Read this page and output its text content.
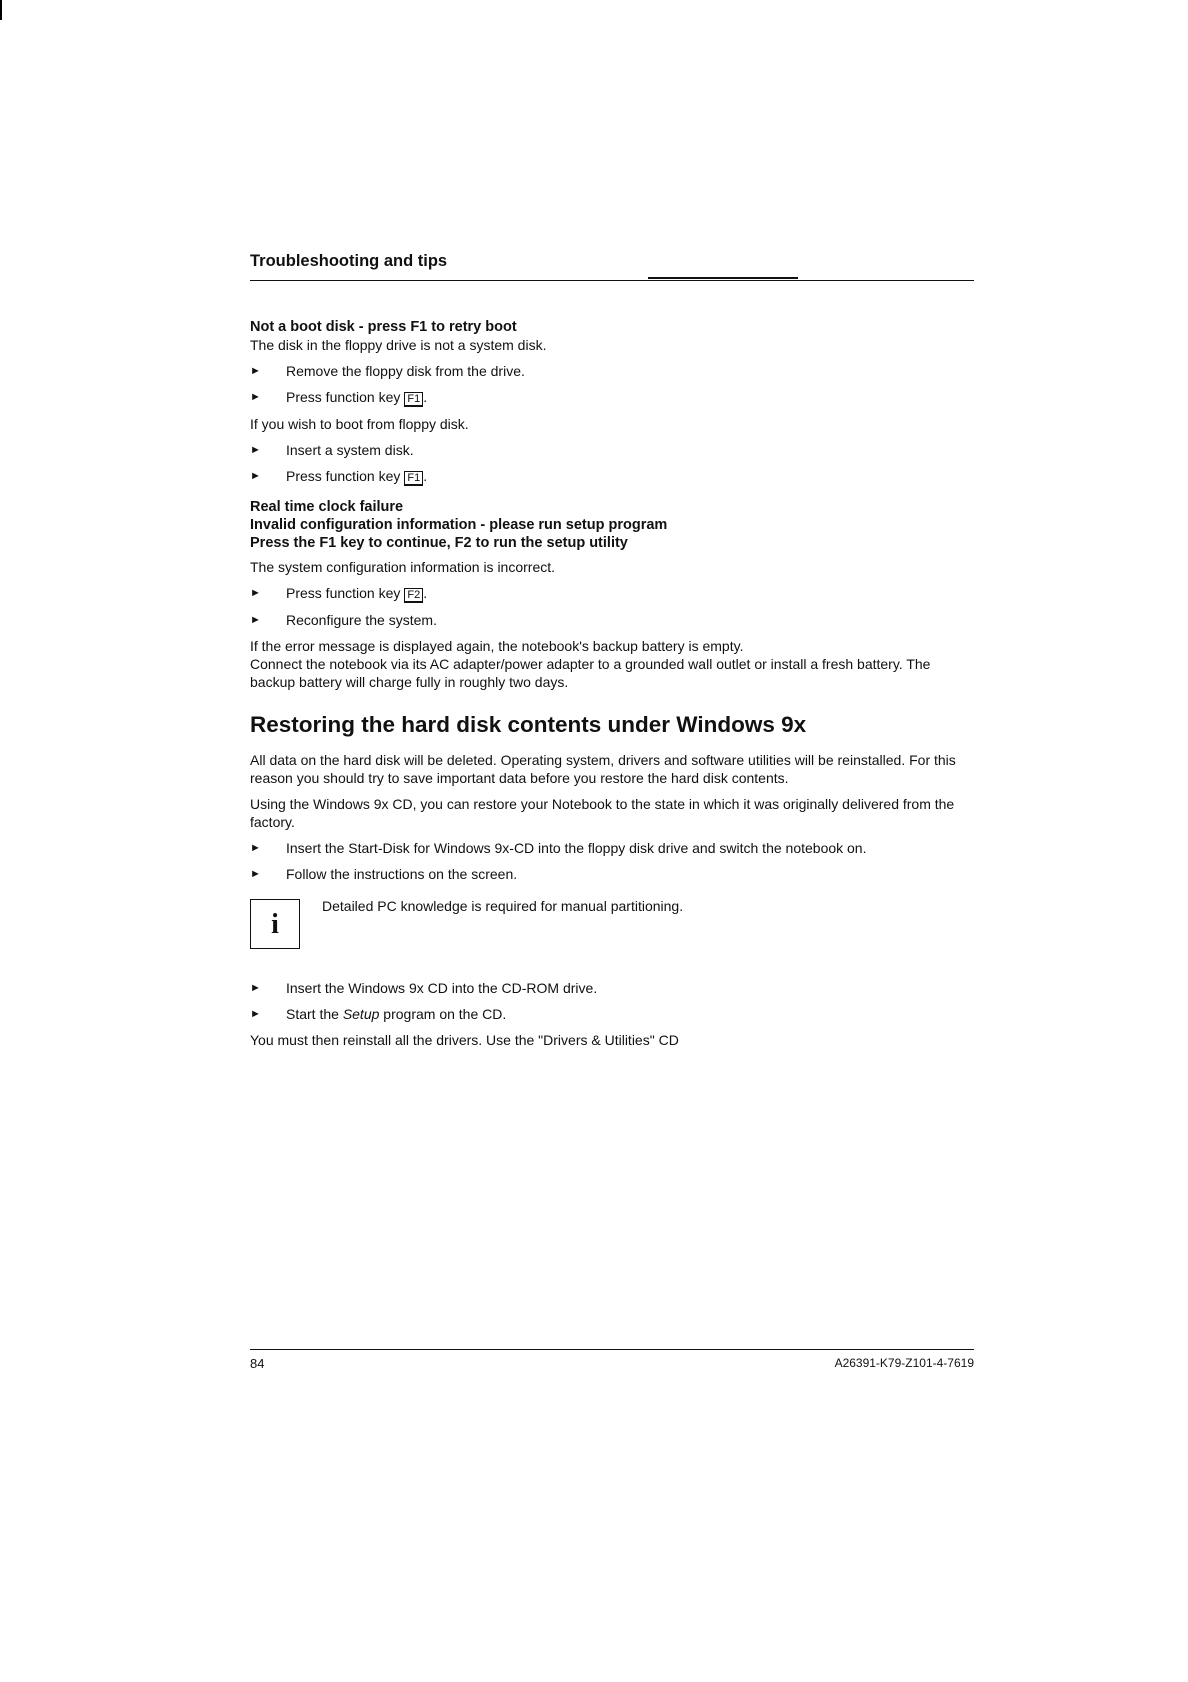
Troubleshooting and tips

Not a boot disk - press F1 to retry boot

The disk in the floppy drive is not a system disk.

► Remove the floppy disk from the drive.
► Press function key F1 .

If you wish to boot from floppy disk.

► Insert a system disk.
► Press function key F1 .

Real time clock failure

Invalid configuration information - please run setup program

Press the F1 key to continue, F2 to run the setup utility

The system configuration information is incorrect.

► Press function key F2 .
► Reconfigure the system.

If the error message is displayed again, the notebook's backup battery is empty.

Connect the notebook via its AC adapter/power adapter to a grounded wall outlet or install a fresh battery. The backup battery will charge fully in roughly two days.

Restoring the hard disk contents under Windows 9x

All data on the hard disk will be deleted. Operating system, drivers and software utilities will be reinstalled. For this reason you should try to save important data before you restore the hard disk contents.

Using the Windows 9x CD, you can restore your Notebook to the state in which it was originally delivered from the factory.

► Insert the Start-Disk for Windows 9x-CD into the floppy disk drive and switch the notebook on.
► Follow the instructions on the screen.
i
Detailed PC knowledge is required for manual partitioning.
► Insert the Windows 9x CD into the CD-ROM drive.
► Start the Setup program on the CD.

You must then reinstall all the drivers. Use the "Drivers & Utilities" CD

84	A26391-K79-Z101-4-7619
